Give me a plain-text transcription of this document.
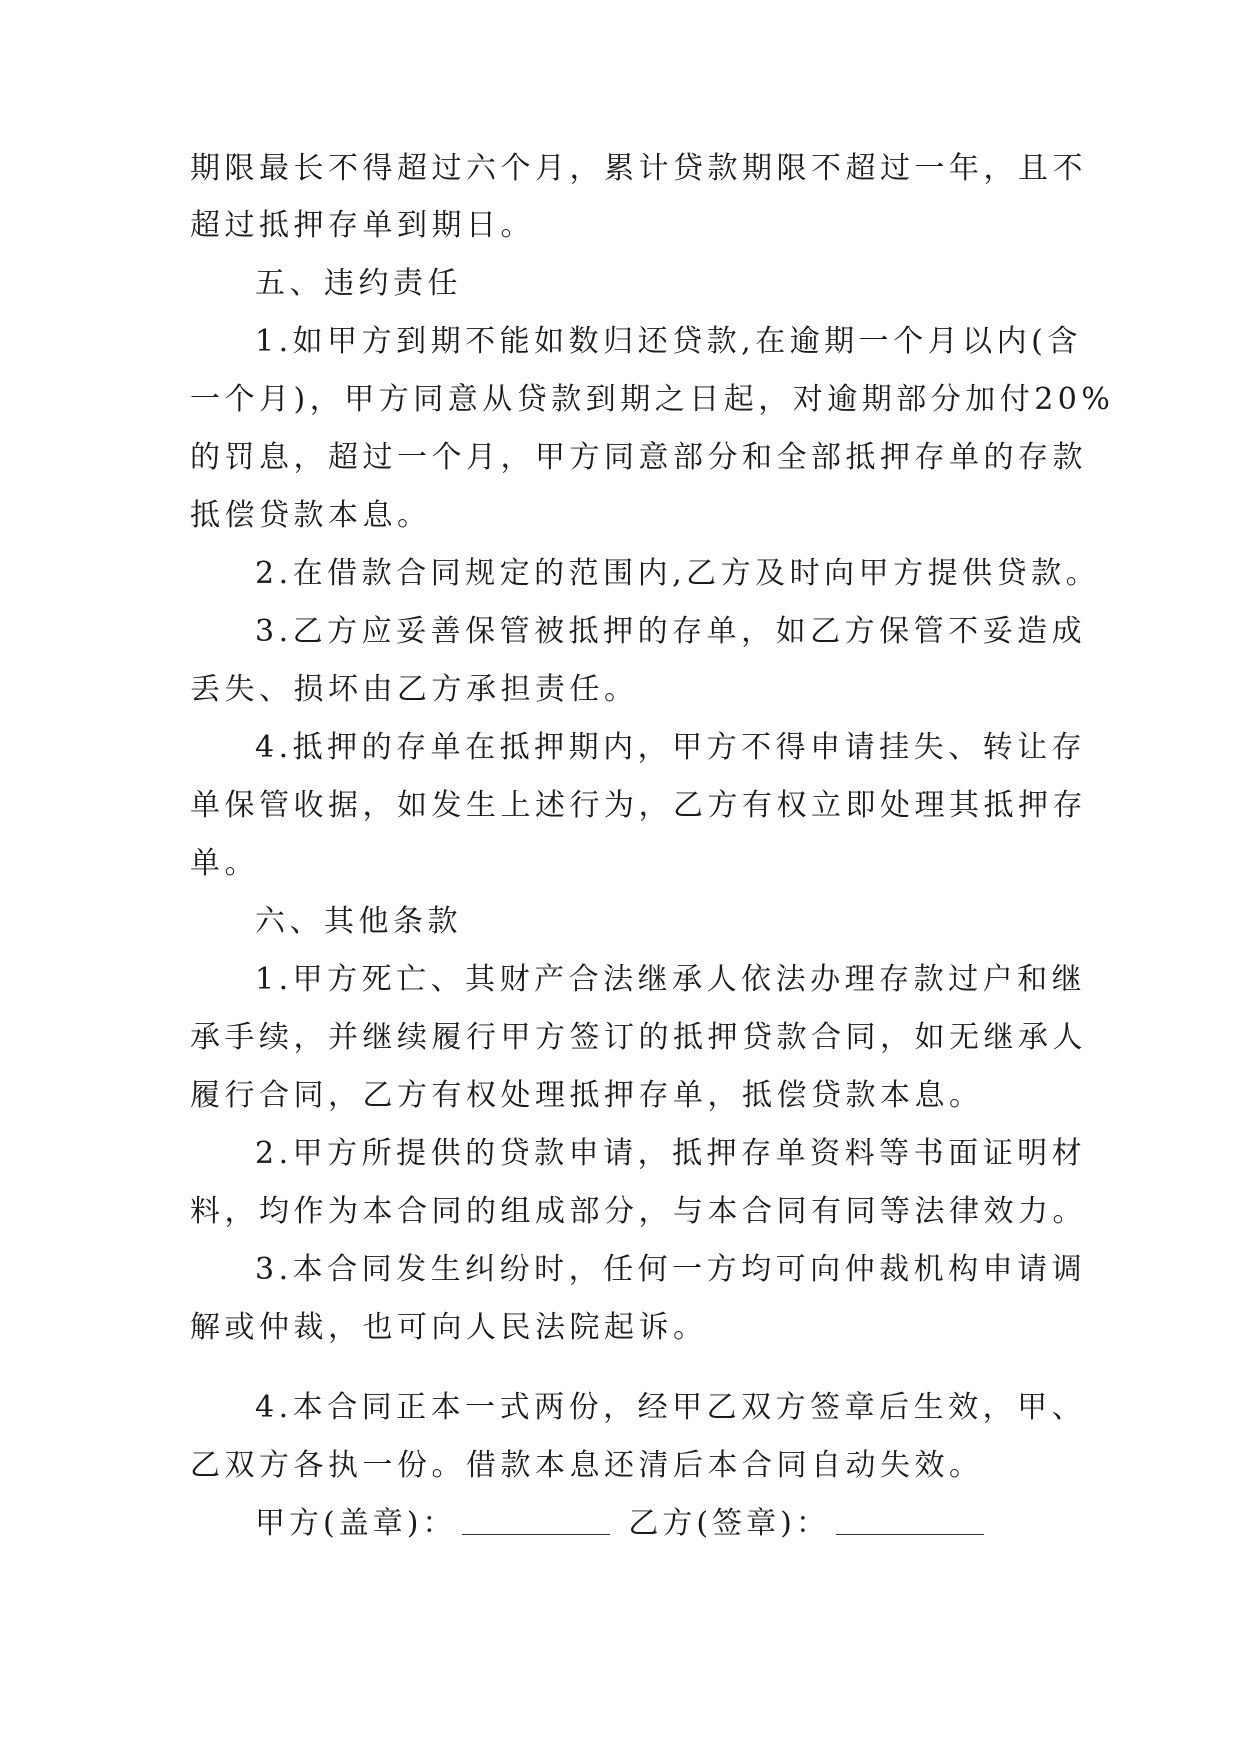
期限最长不得超过六个月，累计贷款期限不超过一年，且不
超过抵押存单到期日。
五、违约责任
1.如甲方到期不能如数归还贷款,在逾期一个月以内(含
一个月)，甲方同意从贷款到期之日起，对逾期部分加付20%
的罚息，超过一个月，甲方同意部分和全部抵押存单的存款
抵偿贷款本息。
2.在借款合同规定的范围内,乙方及时向甲方提供贷款。
3.乙方应妥善保管被抵押的存单，如乙方保管不妥造成
丢失、损坏由乙方承担责任。
4.抵押的存单在抵押期内，甲方不得申请挂失、转让存
单保管收据，如发生上述行为，乙方有权立即处理其抵押存
单。
六、其他条款
1.甲方死亡、其财产合法继承人依法办理存款过户和继
承手续，并继续履行甲方签订的抵押贷款合同，如无继承人
履行合同，乙方有权处理抵押存单，抵偿贷款本息。
2.甲方所提供的贷款申请，抵押存单资料等书面证明材
料，均作为本合同的组成部分，与本合同有同等法律效力。
3.本合同发生纠纷时，任何一方均可向仲裁机构申请调
解或仲裁，也可向人民法院起诉。
4.本合同正本一式两份，经甲乙双方签章后生效，甲、
乙双方各执一份。借款本息还清后本合同自动失效。
甲方(盖章)：	乙方(签章)：
